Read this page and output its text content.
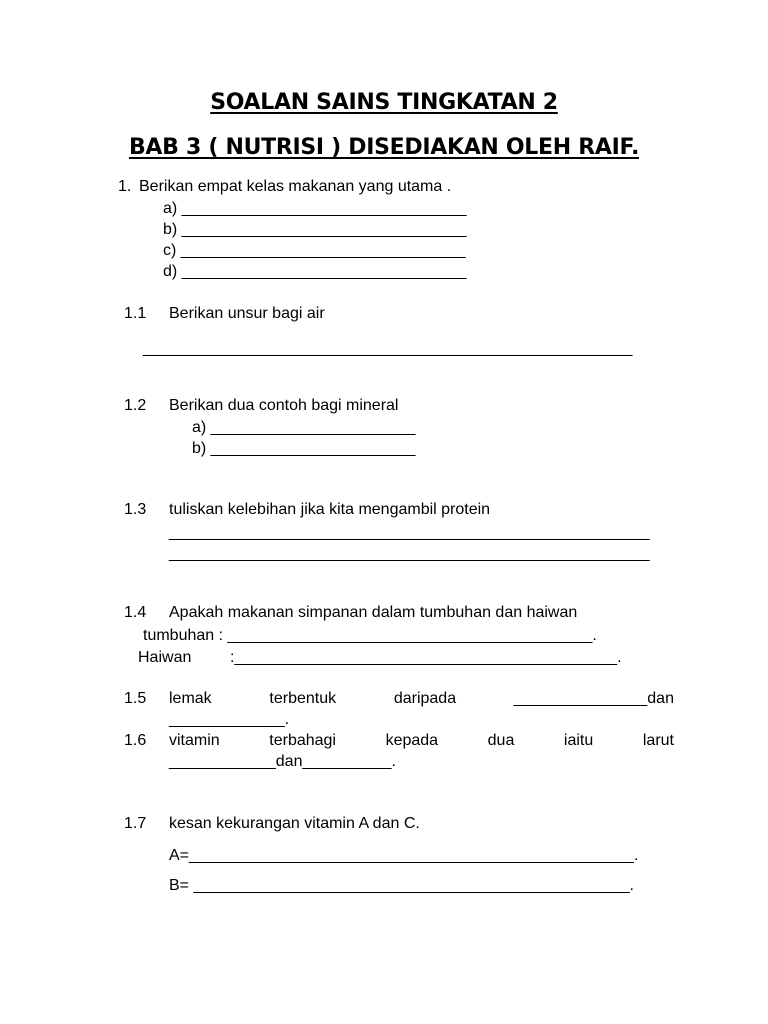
SOALAN SAINS TINGKATAN 2
BAB 3 ( NUTRISI ) DISEDIAKAN OLEH RAIF.

1. Berikan empat kelas makanan yang utama .

a) ________________________________

b) ________________________________

c) ________________________________

d) ________________________________

1.1 Berikan unsur bagi air

_______________________________________________________

1.2 Berikan dua contoh bagi mineral

a) _______________________

b) _______________________

1.3 tuliskan kelebihan jika kita mengambil protein

______________________________________________________

______________________________________________________

1.4 Apakah makanan simpanan dalam tumbuhan dan haiwan

tumbuhan : _________________________________________.

Haiwan :___________________________________________.

1.5 lemak	terbentuk	daripada	_______________dan

_____________.

1.6 vitamin	terbahagi	kepada	dua	iaitu	larut

____________dan__________.

1.7 kesan kekurangan vitamin A dan C.

A=__________________________________________________.

B= _________________________________________________.
